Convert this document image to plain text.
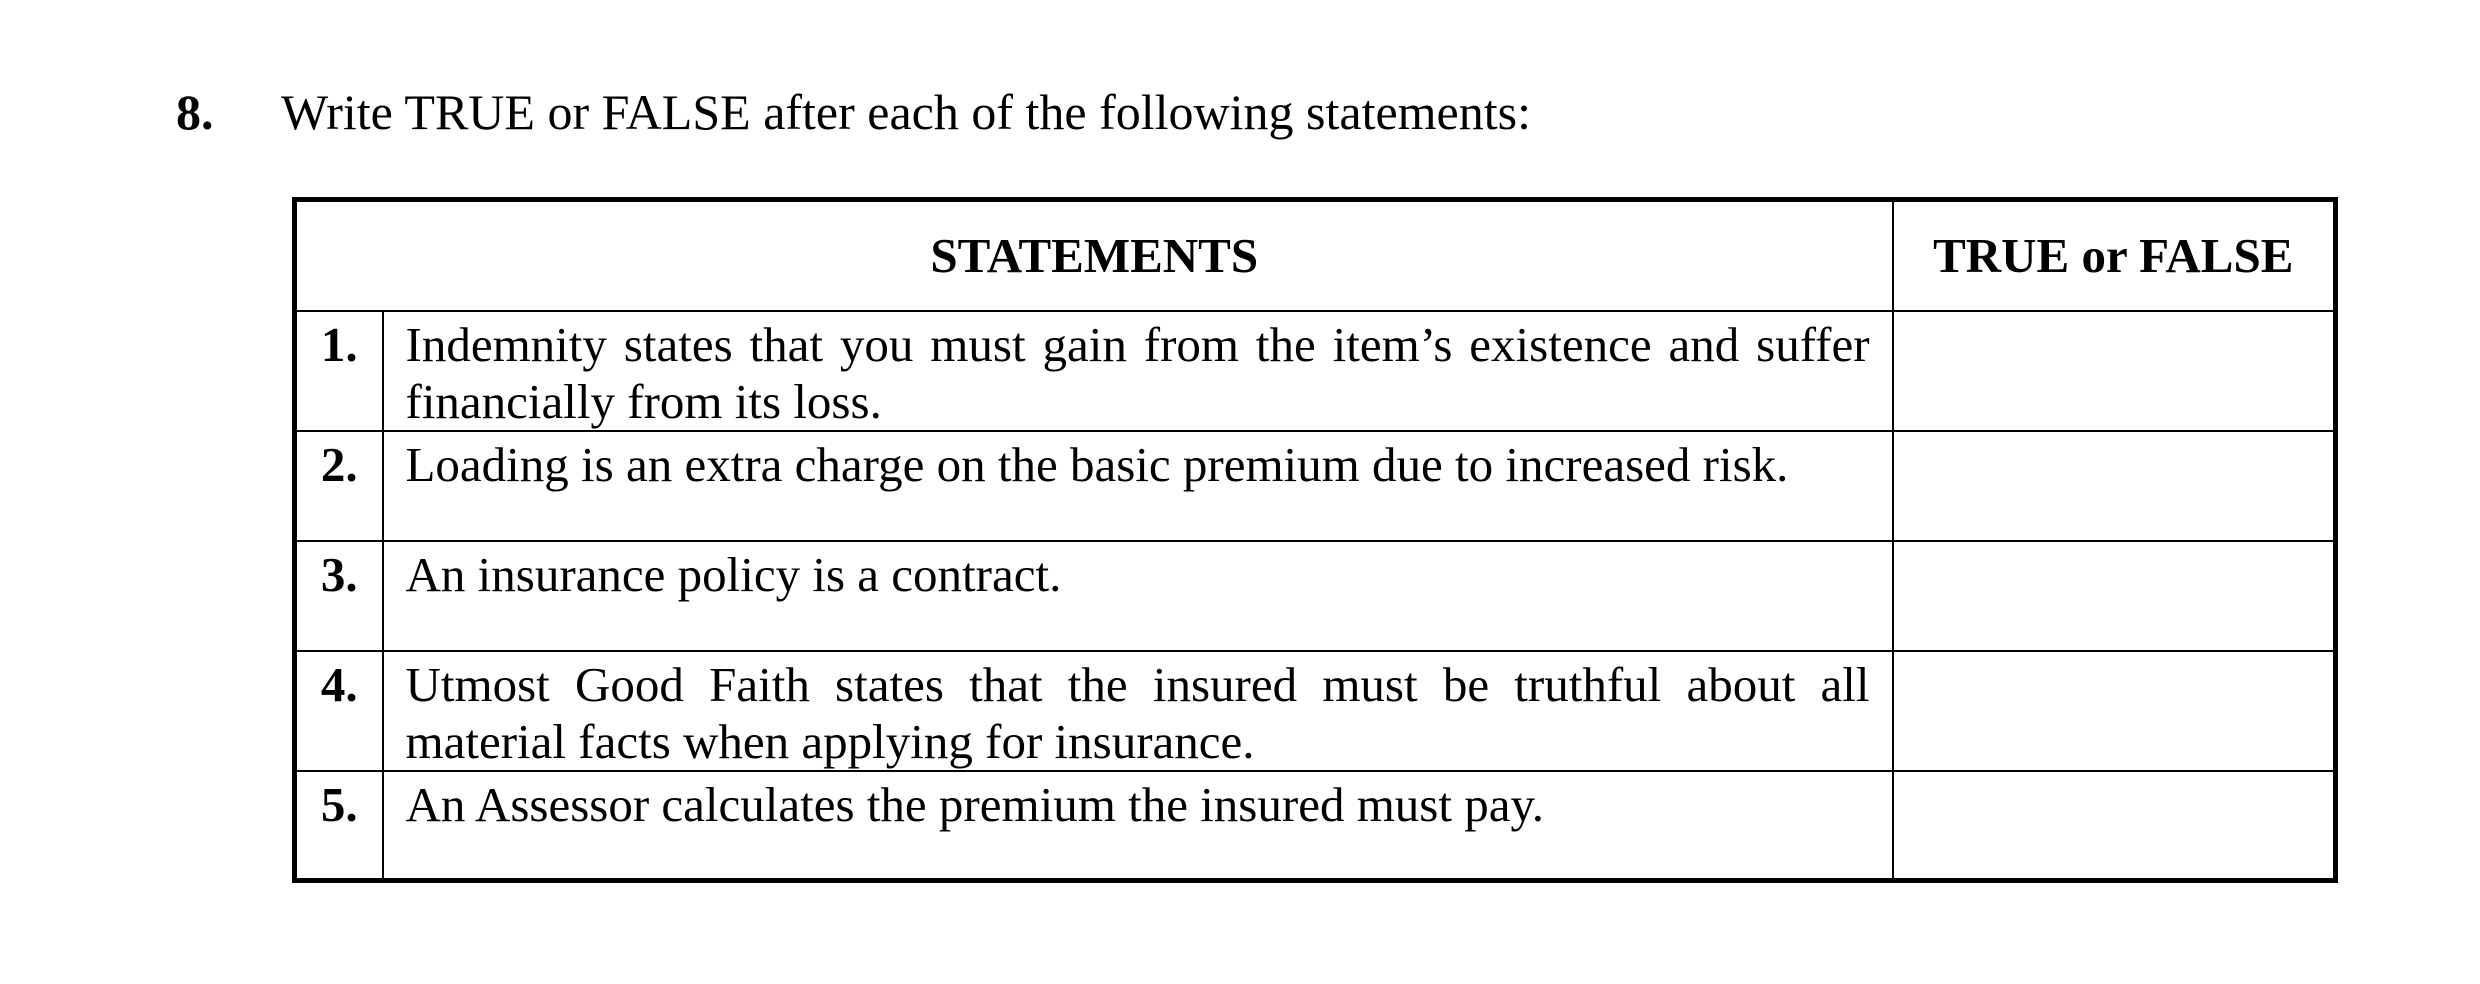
8. Write TRUE or FALSE after each of the following statements:
STATEMENTS		TRUE or FALSE

1.	Indemnity states that you must gain from the item’s existence and suffer financially from its loss.	

2.	Loading is an extra charge on the basic premium due to increased risk.	

3.	An insurance policy is a contract.	

4.	Utmost Good Faith states that the insured must be truthful about all material facts when applying for insurance.	

5.	An Assessor calculates the premium the insured must pay.	
